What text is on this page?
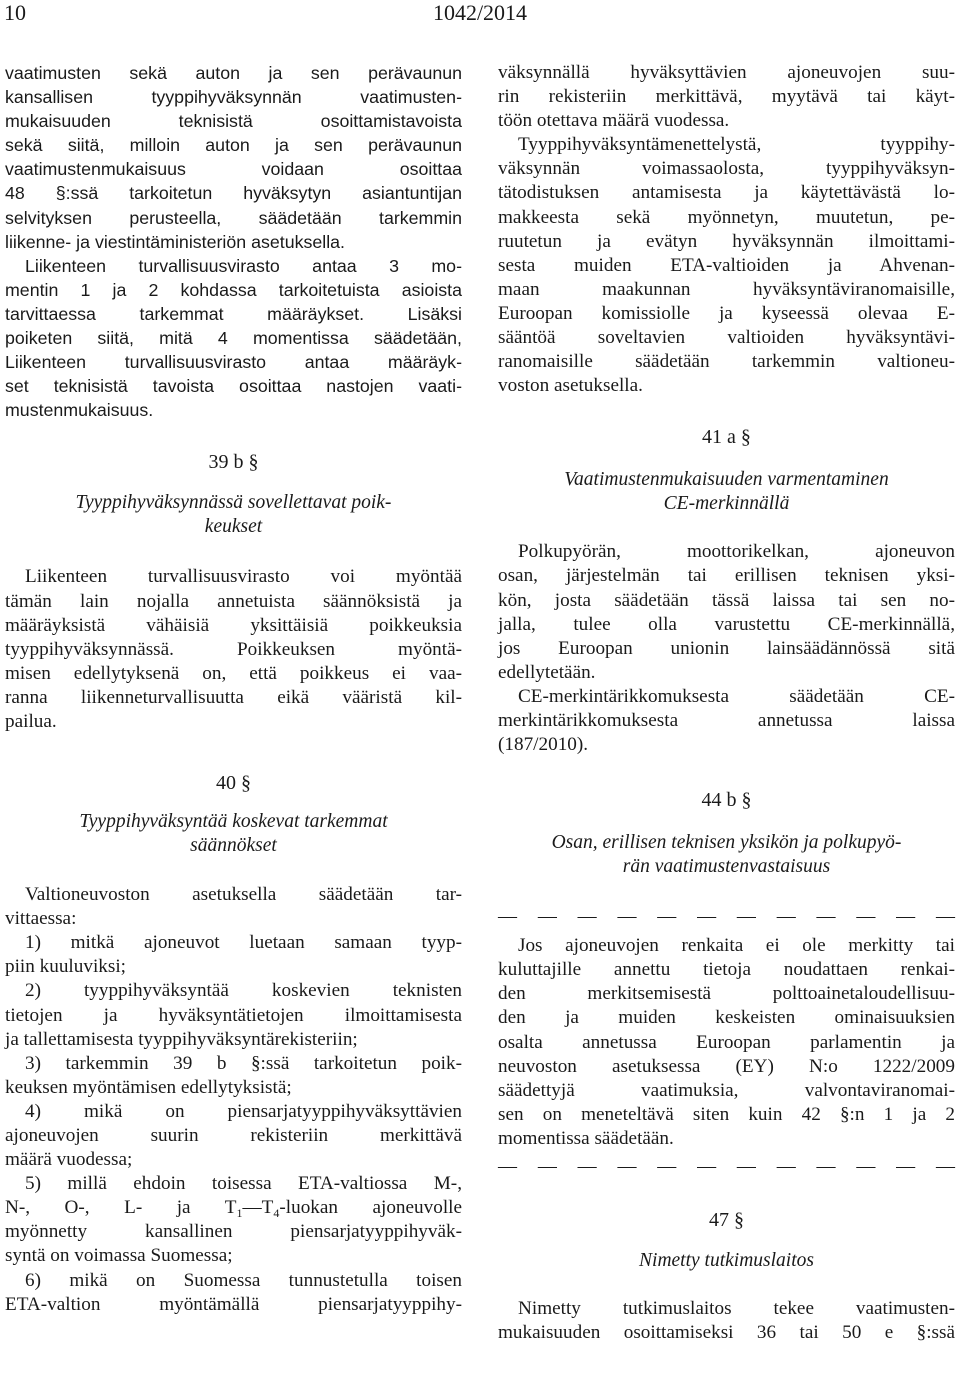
10	1042/2014
vaatimusten sekä auton ja sen perävaunun
kansallisen tyyppihyväksynnän vaatimusten-
mukaisuuden teknisistä osoittamistavoista
sekä siitä, milloin auton ja sen perävaunun
vaatimustenmukaisuus voidaan osoittaa
48 §:ssä tarkoitetun hyväksytyn asiantuntijan
selvityksen perusteella, säädetään tarkemmin
liikenne- ja viestintäministeriön asetuksella.
Liikenteen turvallisuusvirasto antaa 3 mo-
mentin 1 ja 2 kohdassa tarkoitetuista asioista
tarvittaessa tarkemmat määräykset. Lisäksi
poiketen siitä, mitä 4 momentissa säädetään,
Liikenteen turvallisuusvirasto antaa määräyk-
set teknisistä tavoista osoittaa nastojen vaati-
mustenmukaisuus.
39 b §
Tyyppihyväksynnässä sovellettavat poik-
keukset
Liikenteen turvallisuusvirasto voi myöntää
tämän lain nojalla annetuista säännöksistä ja
määräyksistä vähäisiä yksittäisiä poikkeuksia
tyyppihyväksynnässä. Poikkeuksen myöntä-
misen edellytyksenä on, että poikkeus ei vaa-
ranna liikenneturvallisuutta eikä vääristä kil-
pailua.
40 §
Tyyppihyväksyntää koskevat tarkemmat
säännökset
Valtioneuvoston asetuksella säädetään tar-
vittaessa:
1) mitkä ajoneuvot luetaan samaan tyyp-
piin kuuluviksi;
2) tyyppihyväksyntää koskevien teknisten
tietojen ja hyväksyntätietojen ilmoittamisesta
ja tallettamisesta tyyppihyväksyntärekisteriin;
3) tarkemmin 39 b §:ssä tarkoitetun poik-
keuksen myöntämisen edellytyksistä;
4) mikä on piensarjatyyppihyväksyttävien
ajoneuvojen suurin rekisteriin merkittävä
määrä vuodessa;
5) millä ehdoin toisessa ETA-valtiossa M-,
N-, O-, L- ja $T_1—T_4$-luokan ajoneuvolle
myönnetty kansallinen piensarjatyyppihyväk-
syntä on voimassa Suomessa;
6) mikä on Suomessa tunnustetulla toisen
ETA-valtion myöntämällä piensarjatyyppihy-
väksynnällä hyväksyttävien ajoneuvojen suu-
rin rekisteriin merkittävä, myytävä tai käyt-
töön otettava määrä vuodessa.
Tyyppihyväksyntämenettelystä, tyyppihy-
väksynnän voimassaolosta, tyyppihyväksyn-
tätodistuksen antamisesta ja käytettävästä lo-
makkeesta sekä myönnetyn, muutetun, pe-
ruutetun ja evätyn hyväksynnän ilmoittami-
sesta muiden ETA-valtioiden ja Ahvenan-
maan maakunnan hyväksyntäviranomaisille,
Euroopan komissiolle ja kyseessä olevaa E-
sääntöä soveltavien valtioiden hyväksyntävi-
ranomaisille säädetään tarkemmin valtioneu-
voston asetuksella.
41 a §
Vaatimustenmukaisuuden varmentaminen
CE-merkinnällä
Polkupyörän, moottorikelkan, ajoneuvon
osan, järjestelmän tai erillisen teknisen yksi-
kön, josta säädetään tässä laissa tai sen no-
jalla, tulee olla varustettu CE-merkinnällä,
jos Euroopan unionin lainsäädännössä sitä
edellytetään.
CE-merkintärikkomuksesta säädetään CE-
merkintärikkomuksesta annetussa laissa
(187/2010).
44 b §
Osan, erillisen teknisen yksikön ja polkupyö-
rän vaatimustenvastaisuus
— — — — — — — — — — — —
Jos ajoneuvojen renkaita ei ole merkitty tai
kuluttajille annettu tietoja noudattaen renkai-
den merkitsemisestä polttoainetaloudellisuu-
den ja muiden keskeisten ominaisuuksien
osalta annetussa Euroopan parlamentin ja
neuvoston asetuksessa (EY) N:o 1222/2009
säädettyjä vaatimuksia, valvontaviranomai-
sen on meneteltävä siten kuin 42 §:n 1 ja 2
momentissa säädetään.
— — — — — — — — — — — —
47 §
Nimetty tutkimuslaitos
Nimetty tutkimuslaitos tekee vaatimusten-
mukaisuuden osoittamiseksi 36 tai 50 e §:ssä
